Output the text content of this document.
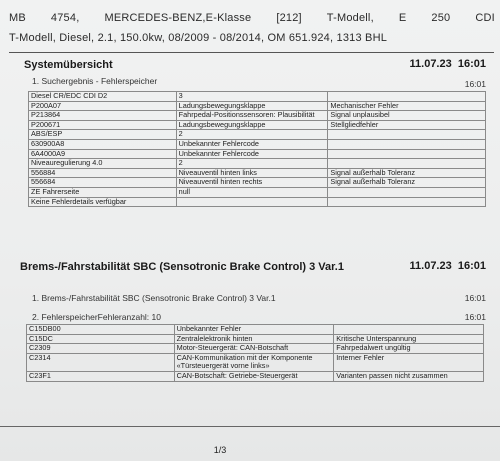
MB 4754, MERCEDES-BENZ,E-Klasse [212] T-Modell, E 250 CDI
T-Modell, Diesel, 2.1, 150.0kw, 08/2009 - 08/2014, OM 651.924, 1313 BHL
Systemübersicht	11.07.23 16:01
1. Suchergebnis - Fehlerspeicher	16:01
Diesel CR/EDC CDI D2	3	
P200A07	Ladungsbewegungsklappe	Mechanischer Fehler
P213864	Fahrpedal-Positionssensoren: Plausibilität	Signal unplausibel
P200671	Ladungsbewegungsklappe	Stellgliedfehler
ABS/ESP	2	
630900A8	Unbekannter Fehlercode	
6A4000A9	Unbekannter Fehlercode	
Niveauregulierung 4.0	2	
556884	Niveauventil hinten links	Signal außerhalb Toleranz
556684	Niveauventil hinten rechts	Signal außerhalb Toleranz
ZE Fahrerseite	null	
Keine Fehlerdetails verfügbar		
Brems-/Fahrstabilität SBC (Sensotronic Brake Control) 3 Var.1	11.07.23 16:01
1. Brems-/Fahrstabilität SBC (Sensotronic Brake Control) 3 Var.1	16:01
2. FehlerspeicherFehleranzahl: 10	16:01
C15DB00	Unbekannter Fehler	
C15DC	Zentralelektronik hinten	Kritische Unterspannung
C2309	Motor-Steuergerät: CAN-Botschaft	Fahrpedalwert ungültig
C2314	CAN-Kommunikation mit der Komponente «Türsteuergerät vorne links»	Interner Fehler
C23F1	CAN-Botschaft: Getriebe-Steuergerät	Varianten passen nicht zusammen
1/3
